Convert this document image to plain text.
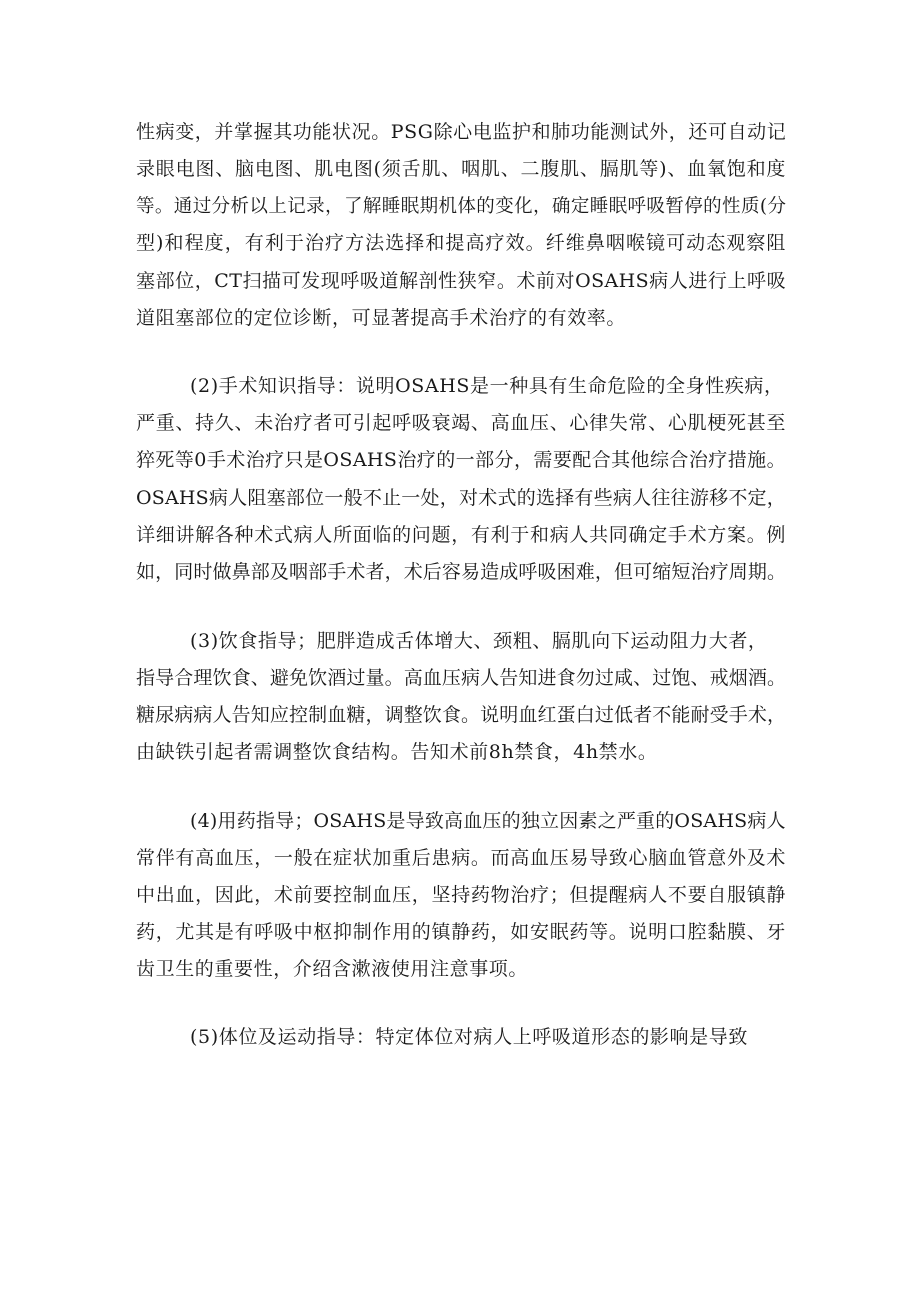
性病变，并掌握其功能状况。PSG除心电监护和肺功能测试外，还可自动记
录眼电图、脑电图、肌电图(须舌肌、咽肌、二腹肌、膈肌等)、血氧饱和度
等。通过分析以上记录，了解睡眠期机体的变化，确定睡眠呼吸暂停的性质(分
型)和程度，有利于治疗方法选择和提高疗效。纤维鼻咽喉镜可动态观察阻
塞部位，CT扫描可发现呼吸道解剖性狭窄。术前对OSAHS病人进行上呼吸
道阻塞部位的定位诊断，可显著提高手术治疗的有效率。
(2)手术知识指导：说明OSAHS是一种具有生命危险的全身性疾病，
严重、持久、未治疗者可引起呼吸衰竭、高血压、心律失常、心肌梗死甚至
猝死等0手术治疗只是OSAHS治疗的一部分，需要配合其他综合治疗措施。
OSAHS病人阻塞部位一般不止一处，对术式的选择有些病人往往游移不定，
详细讲解各种术式病人所面临的问题，有利于和病人共同确定手术方案。例
如，同时做鼻部及咽部手术者，术后容易造成呼吸困难，但可缩短治疗周期。
(3)饮食指导；肥胖造成舌体增大、颈粗、膈肌向下运动阻力大者，
指导合理饮食、避免饮酒过量。高血压病人告知进食勿过咸、过饱、戒烟酒。
糖尿病病人告知应控制血糖，调整饮食。说明血红蛋白过低者不能耐受手术，
由缺铁引起者需调整饮食结构。告知术前8h禁食，4h禁水。
(4)用药指导；OSAHS是导致高血压的独立因素之严重的OSAHS病人
常伴有高血压，一般在症状加重后患病。而高血压易导致心脑血管意外及术
中出血，因此，术前要控制血压，坚持药物治疗；但提醒病人不要自服镇静
药，尤其是有呼吸中枢抑制作用的镇静药，如安眠药等。说明口腔黏膜、牙
齿卫生的重要性，介绍含漱液使用注意事项。
(5)体位及运动指导：特定体位对病人上呼吸道形态的影响是导致
